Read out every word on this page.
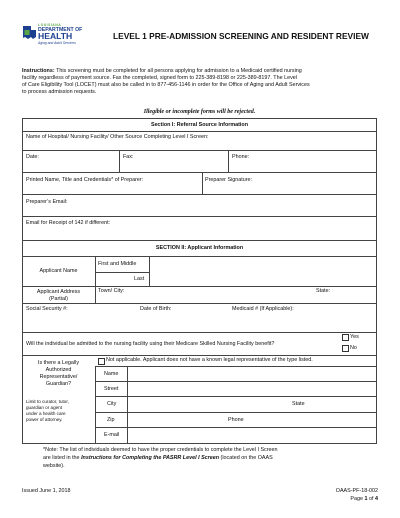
LOUISIANA
DEPARTMENT OF
HEALTH
Aging and Adult Services
LEVEL 1 PRE-ADMISSION SCREENING AND RESIDENT REVIEW
Instructions: This screening must be completed for all persons applying for admission to a Medicaid certified nursing
facility regardless of payment source. Fax the completed, signed form to 225-389-8198 or 225-389-8197. The Level
of Care Eligibility Tool (LOCET) must also be called in to 877-456-1146 in order for the Office of Aging and Adult Services
to process admission requests.
Illegible or incomplete forms will be rejected.
Section I: Referral Source Information
Name of Hospital/ Nursing Facility/ Other Source Completing Level I Screen:
Date:	Fax:	Phone:
Printed Name, Title and Credentials* of Preparer:	Preparer Signature:
Preparer’s Email:
Email for Receipt of 142 if different:
SECTION II: Applicant Information
Applicant Name
First and Middle
Last
Applicant Address
(Partial)
Town/ City:	State:
Social Security #:	Date of Birth:	Medicaid # (If Applicable):
Will the individual be admitted to the nursing facility using their Medicare Skilled Nursing Facility benefit?
Yes
No
Is there a Legally
Authorized
Representative/
Guardian?
Limit to curator, tutor,
guardian or agent
under a health care
power of attorney.
Not applicable. Applicant does not have a known legal representative of the type listed.
Name
Street
City	State
Zip	Phone
E-mail
*Note: The list of individuals deemed to have the proper credentials to complete the Level I Screen
are listed in the Instructions for Completing the PASRR Level I Screen (located on the OAAS
website).
Issued June 1, 2018	OAAS-PF-18-002
Page 1 of 4
